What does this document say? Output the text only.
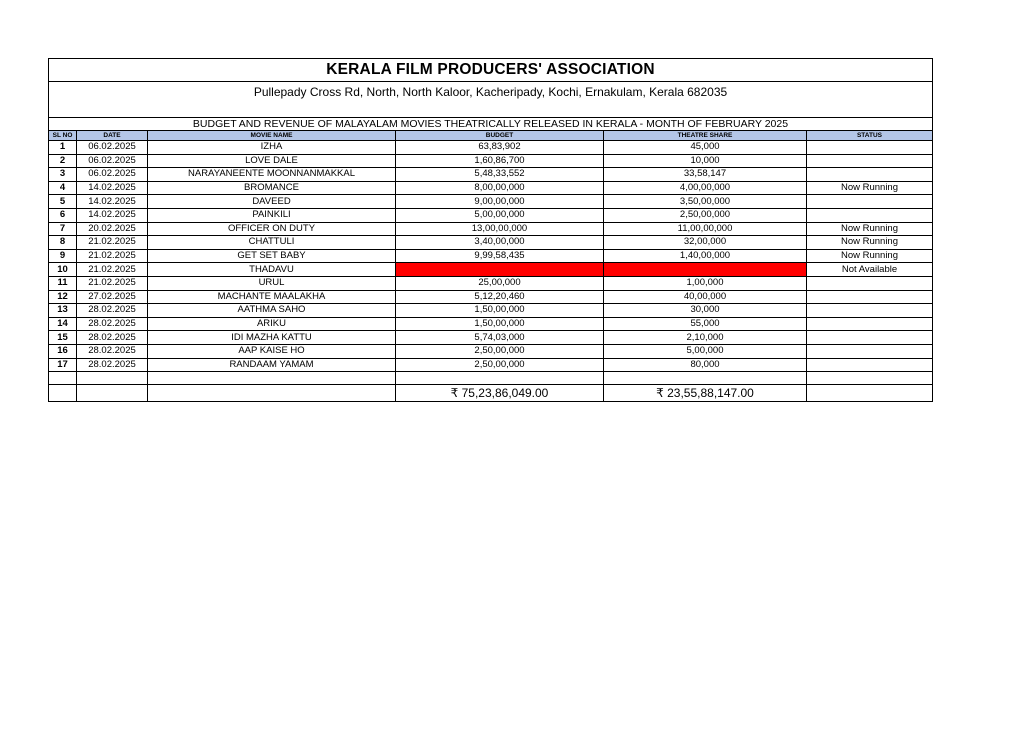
KERALA FILM PRODUCERS' ASSOCIATION					
Pullepady Cross Rd, North, North Kaloor, Kacheripady, Kochi, Ernakulam, Kerala 682035					

BUDGET AND REVENUE OF MALAYALAM MOVIES THEATRICALLY RELEASED IN KERALA - MONTH OF FEBRUARY 2025					
SL NO	DATE	MOVIE NAME	BUDGET	THEATRE SHARE	STATUS
1	06.02.2025	IZHA	63,83,902	45,000	
2	06.02.2025	LOVE DALE	1,60,86,700	10,000	
3	06.02.2025	NARAYANEENTE MOONNANMAKKAL	5,48,33,552	33,58,147	
4	14.02.2025	BROMANCE	8,00,00,000	4,00,00,000	Now Running
5	14.02.2025	DAVEED	9,00,00,000	3,50,00,000	
6	14.02.2025	PAINKILI	5,00,00,000	2,50,00,000	
7	20.02.2025	OFFICER ON DUTY	13,00,00,000	11,00,00,000	Now Running
8	21.02.2025	CHATTULI	3,40,00,000	32,00,000	Now Running
9	21.02.2025	GET SET BABY	9,99,58,435	1,40,00,000	Now Running
10	21.02.2025	THADAVU			Not Available
11	21.02.2025	URUL	25,00,000	1,00,000	
12	27.02.2025	MACHANTE MAALAKHA	5,12,20,460	40,00,000	
13	28.02.2025	AATHMA SAHO	1,50,00,000	30,000	
14	28.02.2025	ARIKU	1,50,00,000	55,000	
15	28.02.2025	IDI MAZHA KATTU	5,74,03,000	2,10,000	
16	28.02.2025	AAP KAISE HO	2,50,00,000	5,00,000	
17	28.02.2025	RANDAAM YAMAM	2,50,00,000	80,000	

			₹ 75,23,86,049.00	₹ 23,55,88,147.00	
